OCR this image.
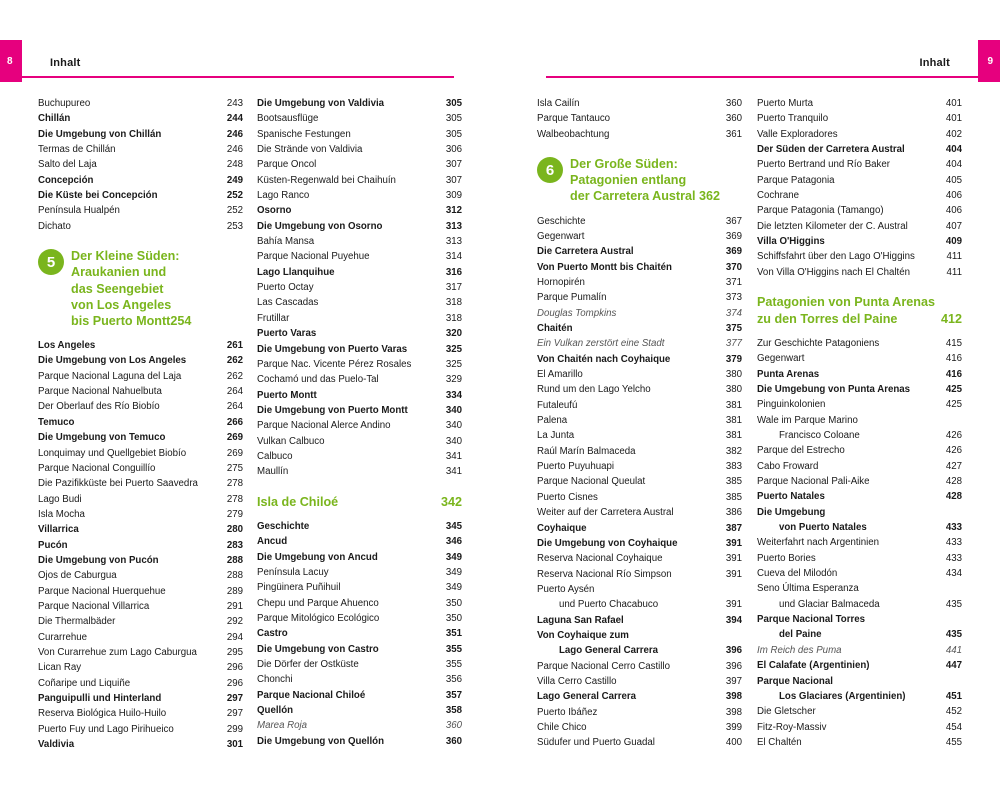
8	9
Inhalt	Inhalt
Buchupureo	243
Chillán	244
Die Umgebung von Chillán	246
Termas de Chillán	246
Salto del Laja	248
Concepción	249
Die Küste bei Concepción	252
Península Hualpén	252
Dichato	253
5	Der Kleine Süden:
Araukanien und
das Seengebiet
von Los Angeles
bis Puerto Montt 254
Los Angeles	261
Die Umgebung von Los Angeles	262
Parque Nacional Laguna del Laja	262
Parque Nacional Nahuelbuta	264
Der Oberlauf des Río Biobío	264
Temuco	266
Die Umgebung von Temuco	269
Lonquimay und Quellgebiet Biobío	269
Parque Nacional Conguillío	275
Die Pazifikküste bei Puerto Saavedra	278
Lago Budi	278
Isla Mocha	279
Villarrica	280
Pucón	283
Die Umgebung von Pucón	288
Ojos de Caburgua	288
Parque Nacional Huerquehue	289
Parque Nacional Villarrica	291
Die Thermalbäder	292
Curarrehue	294
Von Curarrehue zum Lago Caburgua	295
Lican Ray	296
Coñaripe und Liquiñe	296
Panguipulli und Hinterland	297
Reserva Biológica Huilo-Huilo	297
Puerto Fuy und Lago Pirihueico	299
Valdivia	301
Die Umgebung von Valdivia	305
Bootsausflüge	305
Spanische Festungen	305
Die Strände von Valdivia	306
Parque Oncol	307
Küsten-Regenwald bei Chaihuín	307
Lago Ranco	309
Osorno	312
Die Umgebung von Osorno	313
Bahía Mansa	313
Parque Nacional Puyehue	314
Lago Llanquihue	316
Puerto Octay	317
Las Cascadas	318
Frutillar	318
Puerto Varas	320
Die Umgebung von Puerto Varas	325
Parque Nac. Vicente Pérez Rosales	325
Cochamó und das Puelo-Tal	329
Puerto Montt	334
Die Umgebung von Puerto Montt	340
Parque Nacional Alerce Andino	340
Vulkan Calbuco	340
Calbuco	341
Maullín	341
Isla de Chiloé	342
Geschichte	345
Ancud	346
Die Umgebung von Ancud	349
Península Lacuy	349
Pingüinera Puñihuil	349
Chepu und Parque Ahuenco	350
Parque Mitológico Ecológico	350
Castro	351
Die Umgebung von Castro	355
Die Dörfer der Ostküste	355
Chonchi	356
Parque Nacional Chiloé	357
Quellón	358
Marea Roja	360
Die Umgebung von Quellón	360
Isla Cailín	360
Parque Tantauco	360
Walbeobachtung	361
6	Der Große Süden:
Patagonien entlang
der Carretera Austral 362
Geschichte	367
Gegenwart	369
Die Carretera Austral	369
Von Puerto Montt bis Chaitén	370
Hornopirén	371
Parque Pumalín	373
Douglas Tompkins	374
Chaitén	375
Ein Vulkan zerstört eine Stadt	377
Von Chaitén nach Coyhaique	379
El Amarillo	380
Rund um den Lago Yelcho	380
Futaleufú	381
Palena	381
La Junta	381
Raúl Marín Balmaceda	382
Puerto Puyuhuapi	383
Parque Nacional Queulat	385
Puerto Cisnes	385
Weiter auf der Carretera Austral	386
Coyhaique	387
Die Umgebung von Coyhaique	391
Reserva Nacional Coyhaique	391
Reserva Nacional Río Simpson	391
Puerto Aysén
und Puerto Chacabuco	391
Laguna San Rafael	394
Von Coyhaique zum
Lago General Carrera	396
Parque Nacional Cerro Castillo	396
Villa Cerro Castillo	397
Lago General Carrera	398
Puerto Ibáñez	398
Chile Chico	399
Südufer und Puerto Guadal	400
Puerto Murta	401
Puerto Tranquilo	401
Valle Exploradores	402
Der Süden der Carretera Austral	404
Puerto Bertrand und Río Baker	404
Parque Patagonia	405
Cochrane	406
Parque Patagonia (Tamango)	406
Die letzten Kilometer der C. Austral	407
Villa O'Higgins	409
Schiffsfahrt über den Lago O'Higgins	411
Von Villa O'Higgins nach El Chaltén	411
Patagonien von Punta Arenas
zu den Torres del Paine	412
Zur Geschichte Patagoniens	415
Gegenwart	416
Punta Arenas	416
Die Umgebung von Punta Arenas	425
Pinguinkolonien	425
Wale im Parque Marino
Francisco Coloane	426
Parque del Estrecho	426
Cabo Froward	427
Parque Nacional Pali-Aike	428
Puerto Natales	428
Die Umgebung
von Puerto Natales	433
Weiterfahrt nach Argentinien	433
Puerto Bories	433
Cueva del Milodón	434
Seno Última Esperanza
und Glaciar Balmaceda	435
Parque Nacional Torres
del Paine	435
Im Reich des Puma	441
El Calafate (Argentinien)	447
Parque Nacional
Los Glaciares (Argentinien)	451
Die Gletscher	452
Fitz-Roy-Massiv	454
El Chaltén	455
